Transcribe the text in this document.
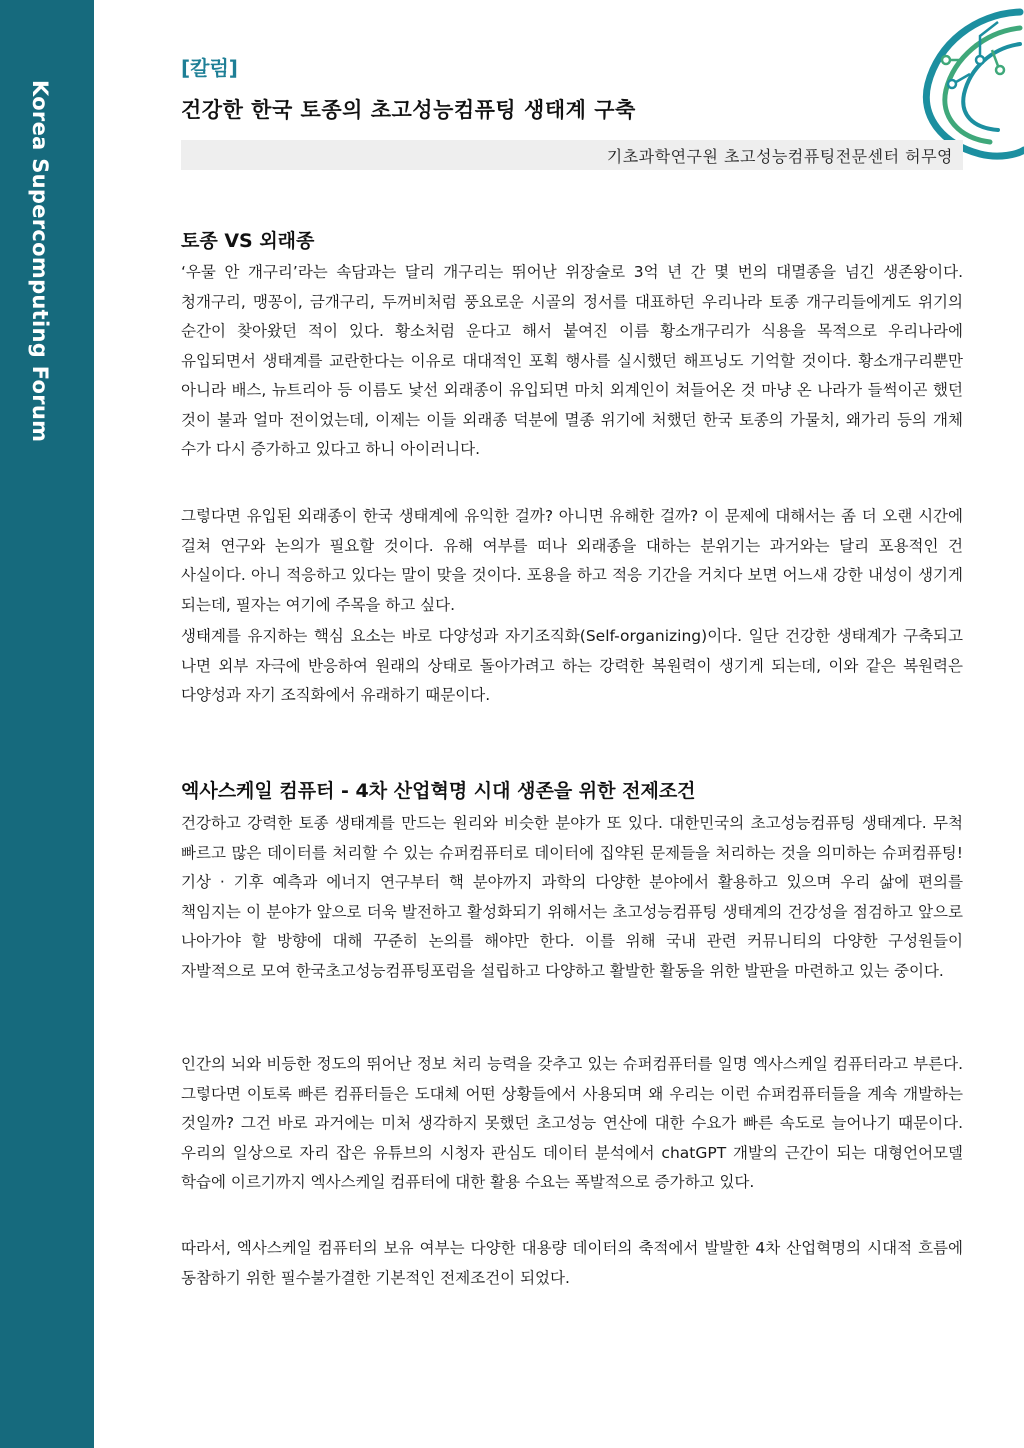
Korea Supercomputing Forum
[칼럼]
건강한 한국 토종의 초고성능컴퓨팅 생태계 구축
기초과학연구원 초고성능컴퓨팅전문센터 허무영
토종 VS 외래종

‘우물 안 개구리’라는 속담과는 달리 개구리는 뛰어난 위장술로 3억 년 간 몇 번의 대멸종을 넘긴 생존왕이다. 청개구리, 맹꽁이, 금개구리, 두꺼비처럼 풍요로운 시골의 정서를 대표하던 우리나라 토종 개구리들에게도 위기의 순간이 찾아왔던 적이 있다. 황소처럼 운다고 해서 붙여진 이름 황소개구리가 식용을 목적으로 우리나라에 유입되면서 생태계를 교란한다는 이유로 대대적인 포획 행사를 실시했던 해프닝도 기억할 것이다. 황소개구리뿐만 아니라 배스, 뉴트리아 등 이름도 낯선 외래종이 유입되면 마치 외계인이 쳐들어온 것 마냥 온 나라가 들썩이곤 했던 것이 불과 얼마 전이었는데, 이제는 이들 외래종 덕분에 멸종 위기에 처했던 한국 토종의 가물치, 왜가리 등의 개체 수가 다시 증가하고 있다고 하니 아이러니다.

그렇다면 유입된 외래종이 한국 생태계에 유익한 걸까? 아니면 유해한 걸까? 이 문제에 대해서는 좀 더 오랜 시간에 걸쳐 연구와 논의가 필요할 것이다. 유해 여부를 떠나 외래종을 대하는 분위기는 과거와는 달리 포용적인 건 사실이다. 아니 적응하고 있다는 말이 맞을 것이다. 포용을 하고 적응 기간을 거치다 보면 어느새 강한 내성이 생기게 되는데, 필자는 여기에 주목을 하고 싶다.

생태계를 유지하는 핵심 요소는 바로 다양성과 자기조직화(Self-organizing)이다. 일단 건강한 생태계가 구축되고 나면 외부 자극에 반응하여 원래의 상태로 돌아가려고 하는 강력한 복원력이 생기게 되는데, 이와 같은 복원력은 다양성과 자기 조직화에서 유래하기 때문이다.

엑사스케일 컴퓨터 - 4차 산업혁명 시대 생존을 위한 전제조건

건강하고 강력한 토종 생태계를 만드는 원리와 비슷한 분야가 또 있다. 대한민국의 초고성능컴퓨팅 생태계다. 무척 빠르고 많은 데이터를 처리할 수 있는 슈퍼컴퓨터로 데이터에 집약된 문제들을 처리하는 것을 의미하는 슈퍼컴퓨팅! 기상 · 기후 예측과 에너지 연구부터 핵 분야까지 과학의 다양한 분야에서 활용하고 있으며 우리 삶에 편의를 책임지는 이 분야가 앞으로 더욱 발전하고 활성화되기 위해서는 초고성능컴퓨팅 생태계의 건강성을 점검하고 앞으로 나아가야 할 방향에 대해 꾸준히 논의를 해야만 한다. 이를 위해 국내 관련 커뮤니티의 다양한 구성원들이 자발적으로 모여 한국초고성능컴퓨팅포럼을 설립하고 다양하고 활발한 활동을 위한 발판을 마련하고 있는 중이다.

인간의 뇌와 비등한 정도의 뛰어난 정보 처리 능력을 갖추고 있는 슈퍼컴퓨터를 일명 엑사스케일 컴퓨터라고 부른다. 그렇다면 이토록 빠른 컴퓨터들은 도대체 어떤 상황들에서 사용되며 왜 우리는 이런 슈퍼컴퓨터들을 계속 개발하는 것일까? 그건 바로 과거에는 미처 생각하지 못했던 초고성능 연산에 대한 수요가 빠른 속도로 늘어나기 때문이다. 우리의 일상으로 자리 잡은 유튜브의 시청자 관심도 데이터 분석에서 chatGPT 개발의 근간이 되는 대형언어모델 학습에 이르기까지 엑사스케일 컴퓨터에 대한 활용 수요는 폭발적으로 증가하고 있다.

따라서, 엑사스케일 컴퓨터의 보유 여부는 다양한 대용량 데이터의 축적에서 발발한 4차 산업혁명의 시대적 흐름에 동참하기 위한 필수불가결한 기본적인 전제조건이 되었다.
